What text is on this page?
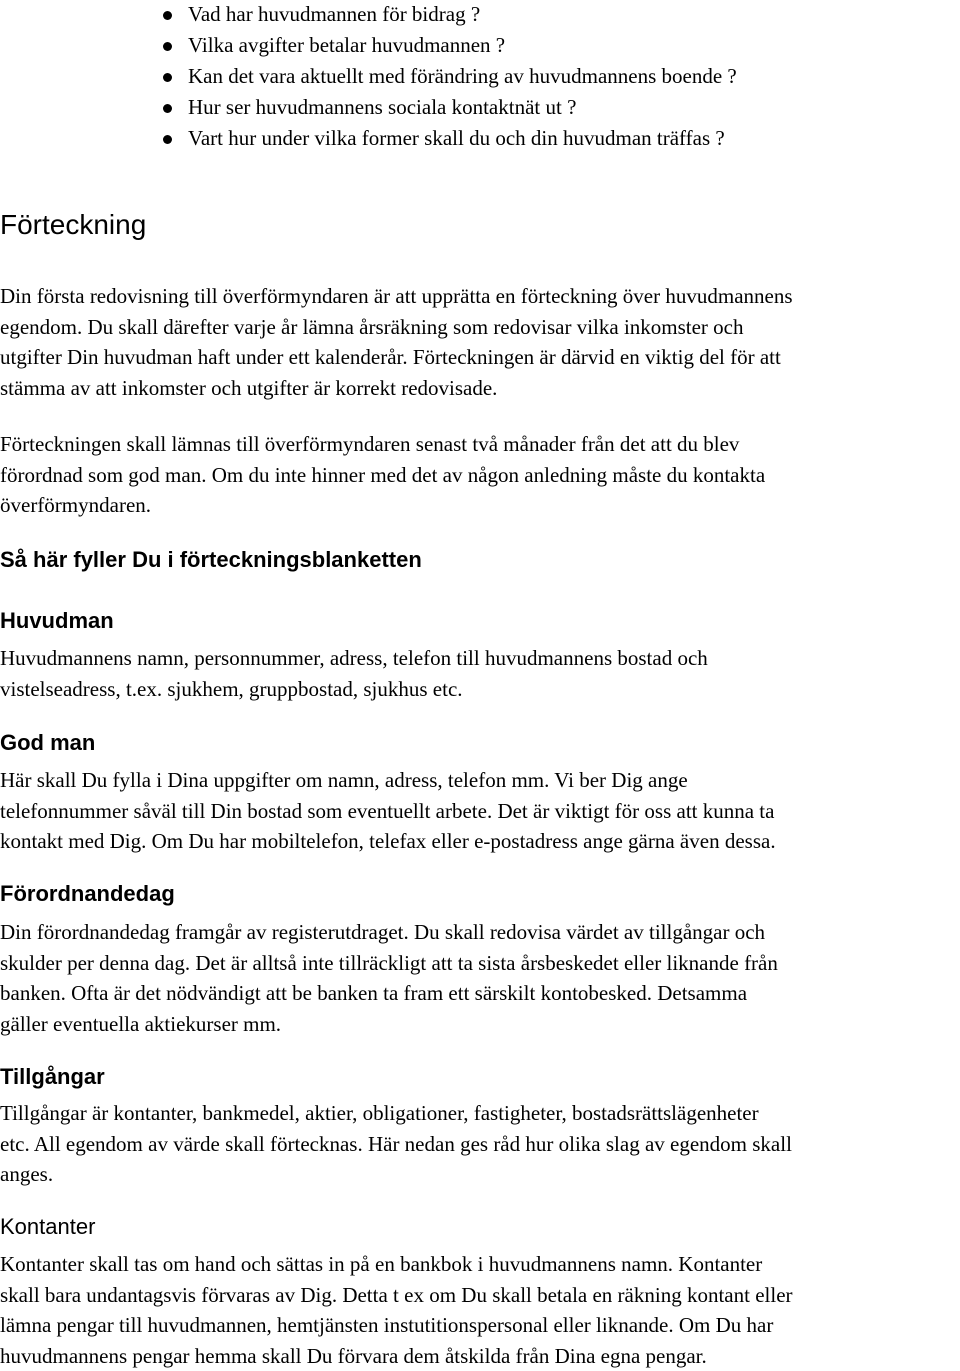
Vad har huvudmannen för bidrag ?
Vilka avgifter betalar huvudmannen ?
Kan det vara aktuellt med förändring av huvudmannens boende ?
Hur ser huvudmannens sociala kontaktnät ut ?
Vart hur under vilka former skall du och din huvudman träffas ?
Förteckning
Din första redovisning till överförmyndaren är att upprätta en förteckning över huvudmannens
egendom. Du skall därefter varje år lämna årsräkning som redovisar vilka inkomster och
utgifter Din huvudman haft under ett kalenderår. Förteckningen är därvid en viktig del för att
stämma av att inkomster och utgifter är korrekt redovisade.
Förteckningen skall lämnas till överförmyndaren senast två månader från det att du blev
förordnad som god man. Om du inte hinner med det av någon anledning måste du kontakta
överförmyndaren.
Så här fyller Du i förteckningsblanketten
Huvudman
Huvudmannens namn, personnummer, adress, telefon till huvudmannens bostad och
vistelseadress, t.ex. sjukhem, gruppbostad, sjukhus etc.
God man
Här skall Du fylla i Dina uppgifter om namn, adress, telefon mm. Vi ber Dig ange
telefonnummer såväl till Din bostad som eventuellt arbete. Det är viktigt för oss att kunna ta
kontakt med Dig. Om Du har mobiltelefon, telefax eller e-postadress ange gärna även dessa.
Förordnandedag
Din förordnandedag framgår av registerutdraget. Du skall redovisa värdet av tillgångar och
skulder per denna dag. Det är alltså inte tillräckligt att ta sista årsbeskedet eller liknande från
banken. Ofta är det nödvändigt att be banken ta fram ett särskilt kontobesked. Detsamma
gäller eventuella aktiekurser mm.
Tillgångar
Tillgångar är kontanter, bankmedel, aktier, obligationer, fastigheter, bostadsrättslägenheter
etc. All egendom av värde skall förtecknas. Här nedan ges råd hur olika slag av egendom skall
anges.
Kontanter
Kontanter skall tas om hand och sättas in på en bankbok i huvudmannens namn. Kontanter
skall bara undantagsvis förvaras av Dig. Detta t ex om Du skall betala en räkning kontant eller
lämna pengar till huvudmannen, hemtjänsten instutitionspersonal eller liknande. Om Du har
huvudmannens pengar hemma skall Du förvara dem åtskilda från Dina egna pengar.
